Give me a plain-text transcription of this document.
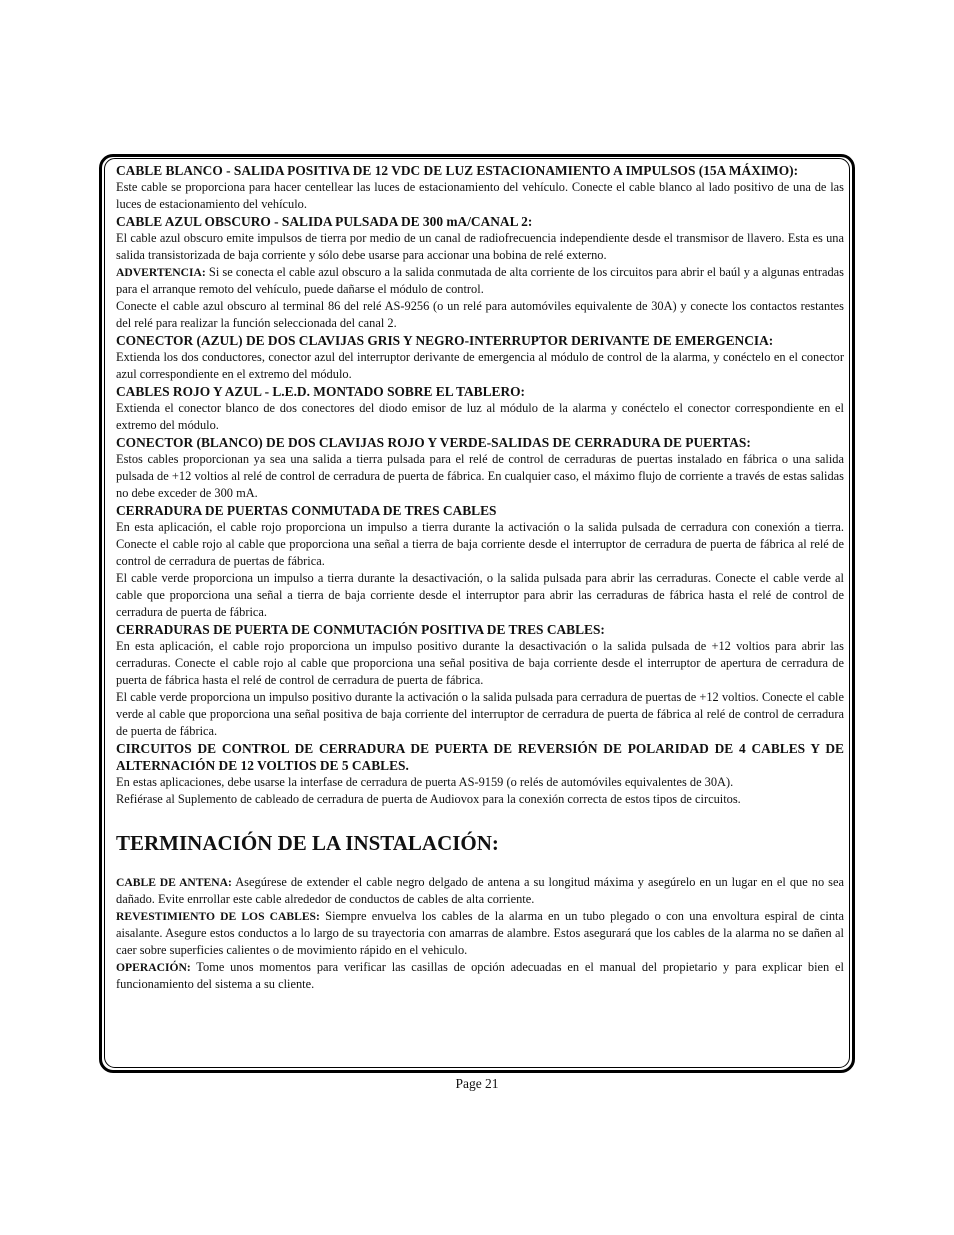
CABLE BLANCO - SALIDA POSITIVA DE 12 VDC DE LUZ ESTACIONAMIENTO A IMPULSOS (15A MÁXIMO):

Este cable se proporciona para hacer centellear las luces de estacionamiento del vehículo. Conecte el cable blanco al lado positivo de una de las luces de estacionamiento del vehículo.

CABLE AZUL OBSCURO - SALIDA PULSADA DE 300 mA/CANAL 2:

El cable azul obscuro emite impulsos de tierra por medio de un canal de radiofrecuencia independiente desde el transmisor de llavero. Esta es una salida transistorizada de baja corriente y sólo debe usarse para accionar una bobina de relé externo.

ADVERTENCIA: Si se conecta el cable azul obscuro a la salida conmutada de alta corriente de los circuitos para abrir el baúl y a algunas entradas para el arranque remoto del vehículo, puede dañarse el módulo de control.

Conecte el cable azul obscuro al terminal 86 del relé AS-9256 (o un relé para automóviles equivalente de 30A) y conecte los contactos restantes del relé para realizar la función seleccionada del canal 2.

CONECTOR (AZUL) DE DOS CLAVIJAS GRIS Y NEGRO-INTERRUPTOR DERIVANTE DE EMERGENCIA:

Extienda los dos conductores, conector azul del interruptor derivante de emergencia al módulo de control de la alarma, y conéctelo en el conector azul correspondiente en el extremo del módulo.

CABLES ROJO Y AZUL - L.E.D. MONTADO SOBRE EL TABLERO:

Extienda el conector blanco de dos conectores del diodo emisor de luz al módulo de la alarma y conéctelo el conector correspondiente en el extremo del módulo.

CONECTOR (BLANCO) DE DOS CLAVIJAS ROJO Y VERDE-SALIDAS DE CERRADURA DE PUERTAS:

Estos cables proporcionan ya sea una salida a tierra pulsada para el relé de control de cerraduras de puertas instalado en fábrica o una salida pulsada de +12 voltios al relé de control de cerradura de puerta de fábrica. En cualquier caso, el máximo flujo de corriente a través de estas salidas no debe exceder de 300 mA.

CERRADURA DE PUERTAS CONMUTADA DE TRES CABLES

En esta aplicación, el cable rojo proporciona un impulso a tierra durante la activación o la salida pulsada de cerradura con conexión a tierra. Conecte el cable rojo al cable que proporciona una señal a tierra de baja corriente desde el interruptor de cerradura de puerta de fábrica al relé de control de cerradura de puertas de fábrica.

El cable verde proporciona un impulso a tierra durante la desactivación, o la salida pulsada para abrir las cerraduras. Conecte el cable verde al cable que proporciona una señal a tierra de baja corriente desde el interruptor para abrir las cerraduras de fábrica hasta el relé de control de cerradura de puerta de fábrica.

CERRADURAS DE PUERTA DE CONMUTACIÓN POSITIVA DE TRES CABLES:

En esta aplicación, el cable rojo proporciona un impulso positivo durante la desactivación o la salida pulsada de +12 voltios para abrir las cerraduras. Conecte el cable rojo al cable que proporciona una señal positiva de baja corriente desde el interruptor de apertura de cerradura de puerta de fábrica hasta el relé de control de cerradura de puerta de fábrica.

El cable verde proporciona un impulso positivo durante la activación o la salida pulsada para cerradura de puertas de +12 voltios. Conecte el cable verde al cable que proporciona una señal positiva de baja corriente del interruptor de cerradura de puerta de fábrica al relé de control de cerradura de puerta de fábrica.

CIRCUITOS DE CONTROL DE CERRADURA DE PUERTA DE REVERSIÓN DE POLARIDAD DE 4 CABLES Y DE ALTERNACIÓN DE 12 VOLTIOS DE 5 CABLES.

En estas aplicaciones, debe usarse la interfase de cerradura de puerta AS-9159 (o relés de automóviles equivalentes de 30A).

Refiérase al Suplemento de cableado de cerradura de puerta de Audiovox para la conexión correcta de estos tipos de circuitos.

TERMINACIÓN DE LA INSTALACIÓN:

CABLE DE ANTENA: Asegúrese de extender el cable negro delgado de antena a su longitud máxima y asegúrelo en un lugar en el que no sea dañado. Evite enrrollar este cable alrededor de conductos de cables de alta corriente.

REVESTIMIENTO DE LOS CABLES: Siempre envuelva los cables de la alarma en un tubo plegado o con una envoltura espiral de cinta aisalante. Asegure estos conductos a lo largo de su trayectoria con amarras de alambre. Estos asegurará que los cables de la alarma no se dañen al caer sobre superficies calientes o de movimiento rápido en el vehiculo.

OPERACIÓN: Tome unos momentos para verificar las casillas de opción adecuadas en el manual del propietario y para explicar bien el funcionamiento del sistema a su cliente.

Page 21
